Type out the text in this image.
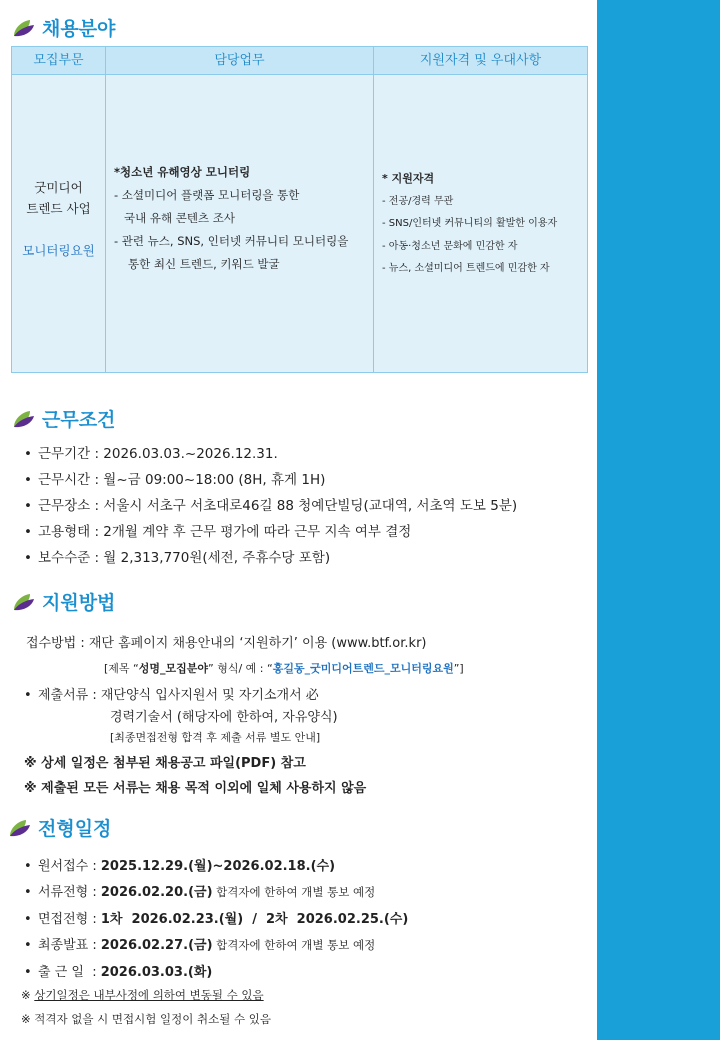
채용분야
모집부문	담당업무	지원자격 및 우대사항
굿미디어
트렌드 사업
모니터링요원
*청소년 유해영상 모니터링
- 소셜미디어 플랫폼 모니터링을 통한
국내 유해 콘텐츠 조사
- 관련 뉴스, SNS, 인터넷 커뮤니티 모니터링을
통한 최신 트렌드, 키워드 발굴
* 지원자격
- 전공/경력 무관
- SNS/인터넷 커뮤니티의 활발한 이용자
- 아동·청소년 문화에 민감한 자
- 뉴스, 소셜미디어 트렌드에 민감한 자
근무조건
• 근무기간 : 2026.03.03.~2026.12.31.
• 근무시간 : 월~금 09:00~18:00 (8H, 휴게 1H)
• 근무장소 : 서울시 서초구 서초대로46길 88 청예단빌딩(교대역, 서초역 도보 5분)
• 고용형태 : 2개월 계약 후 근무 평가에 따라 근무 지속 여부 결정
• 보수수준 : 월 2,313,770원(세전, 주휴수당 포함)
지원방법
접수방법 : 재단 홈페이지 채용안내의 ‘지원하기’ 이용 (www.btf.or.kr)
[제목 “성명_모집분야” 형식/ 예 : “홍길동_굿미디어트렌드_모니터링요원”]
• 제출서류 : 재단양식 입사지원서 및 자기소개서 必
경력기술서 (해당자에 한하여, 자유양식)
[최종면접전형 합격 후 제출 서류 별도 안내]
※ 상세 일정은 첨부된 채용공고 파일(PDF) 참고
※ 제출된 모든 서류는 채용 목적 이외에 일체 사용하지 않음
전형일정
• 원서접수 : 2025.12.29.(월)~2026.02.18.(수)
• 서류전형 : 2026.02.20.(금) 합격자에 한하여 개별 통보 예정
• 면접전형 : 1차  2026.02.23.(월)  /  2차  2026.02.25.(수)
• 최종발표 : 2026.02.27.(금) 합격자에 한하여 개별 통보 예정
• 출 근 일  : 2026.03.03.(화)
※ 상기일정은 내부사정에 의하여 변동될 수 있음
※ 적격자 없을 시 면접시험 일정이 취소될 수 있음
